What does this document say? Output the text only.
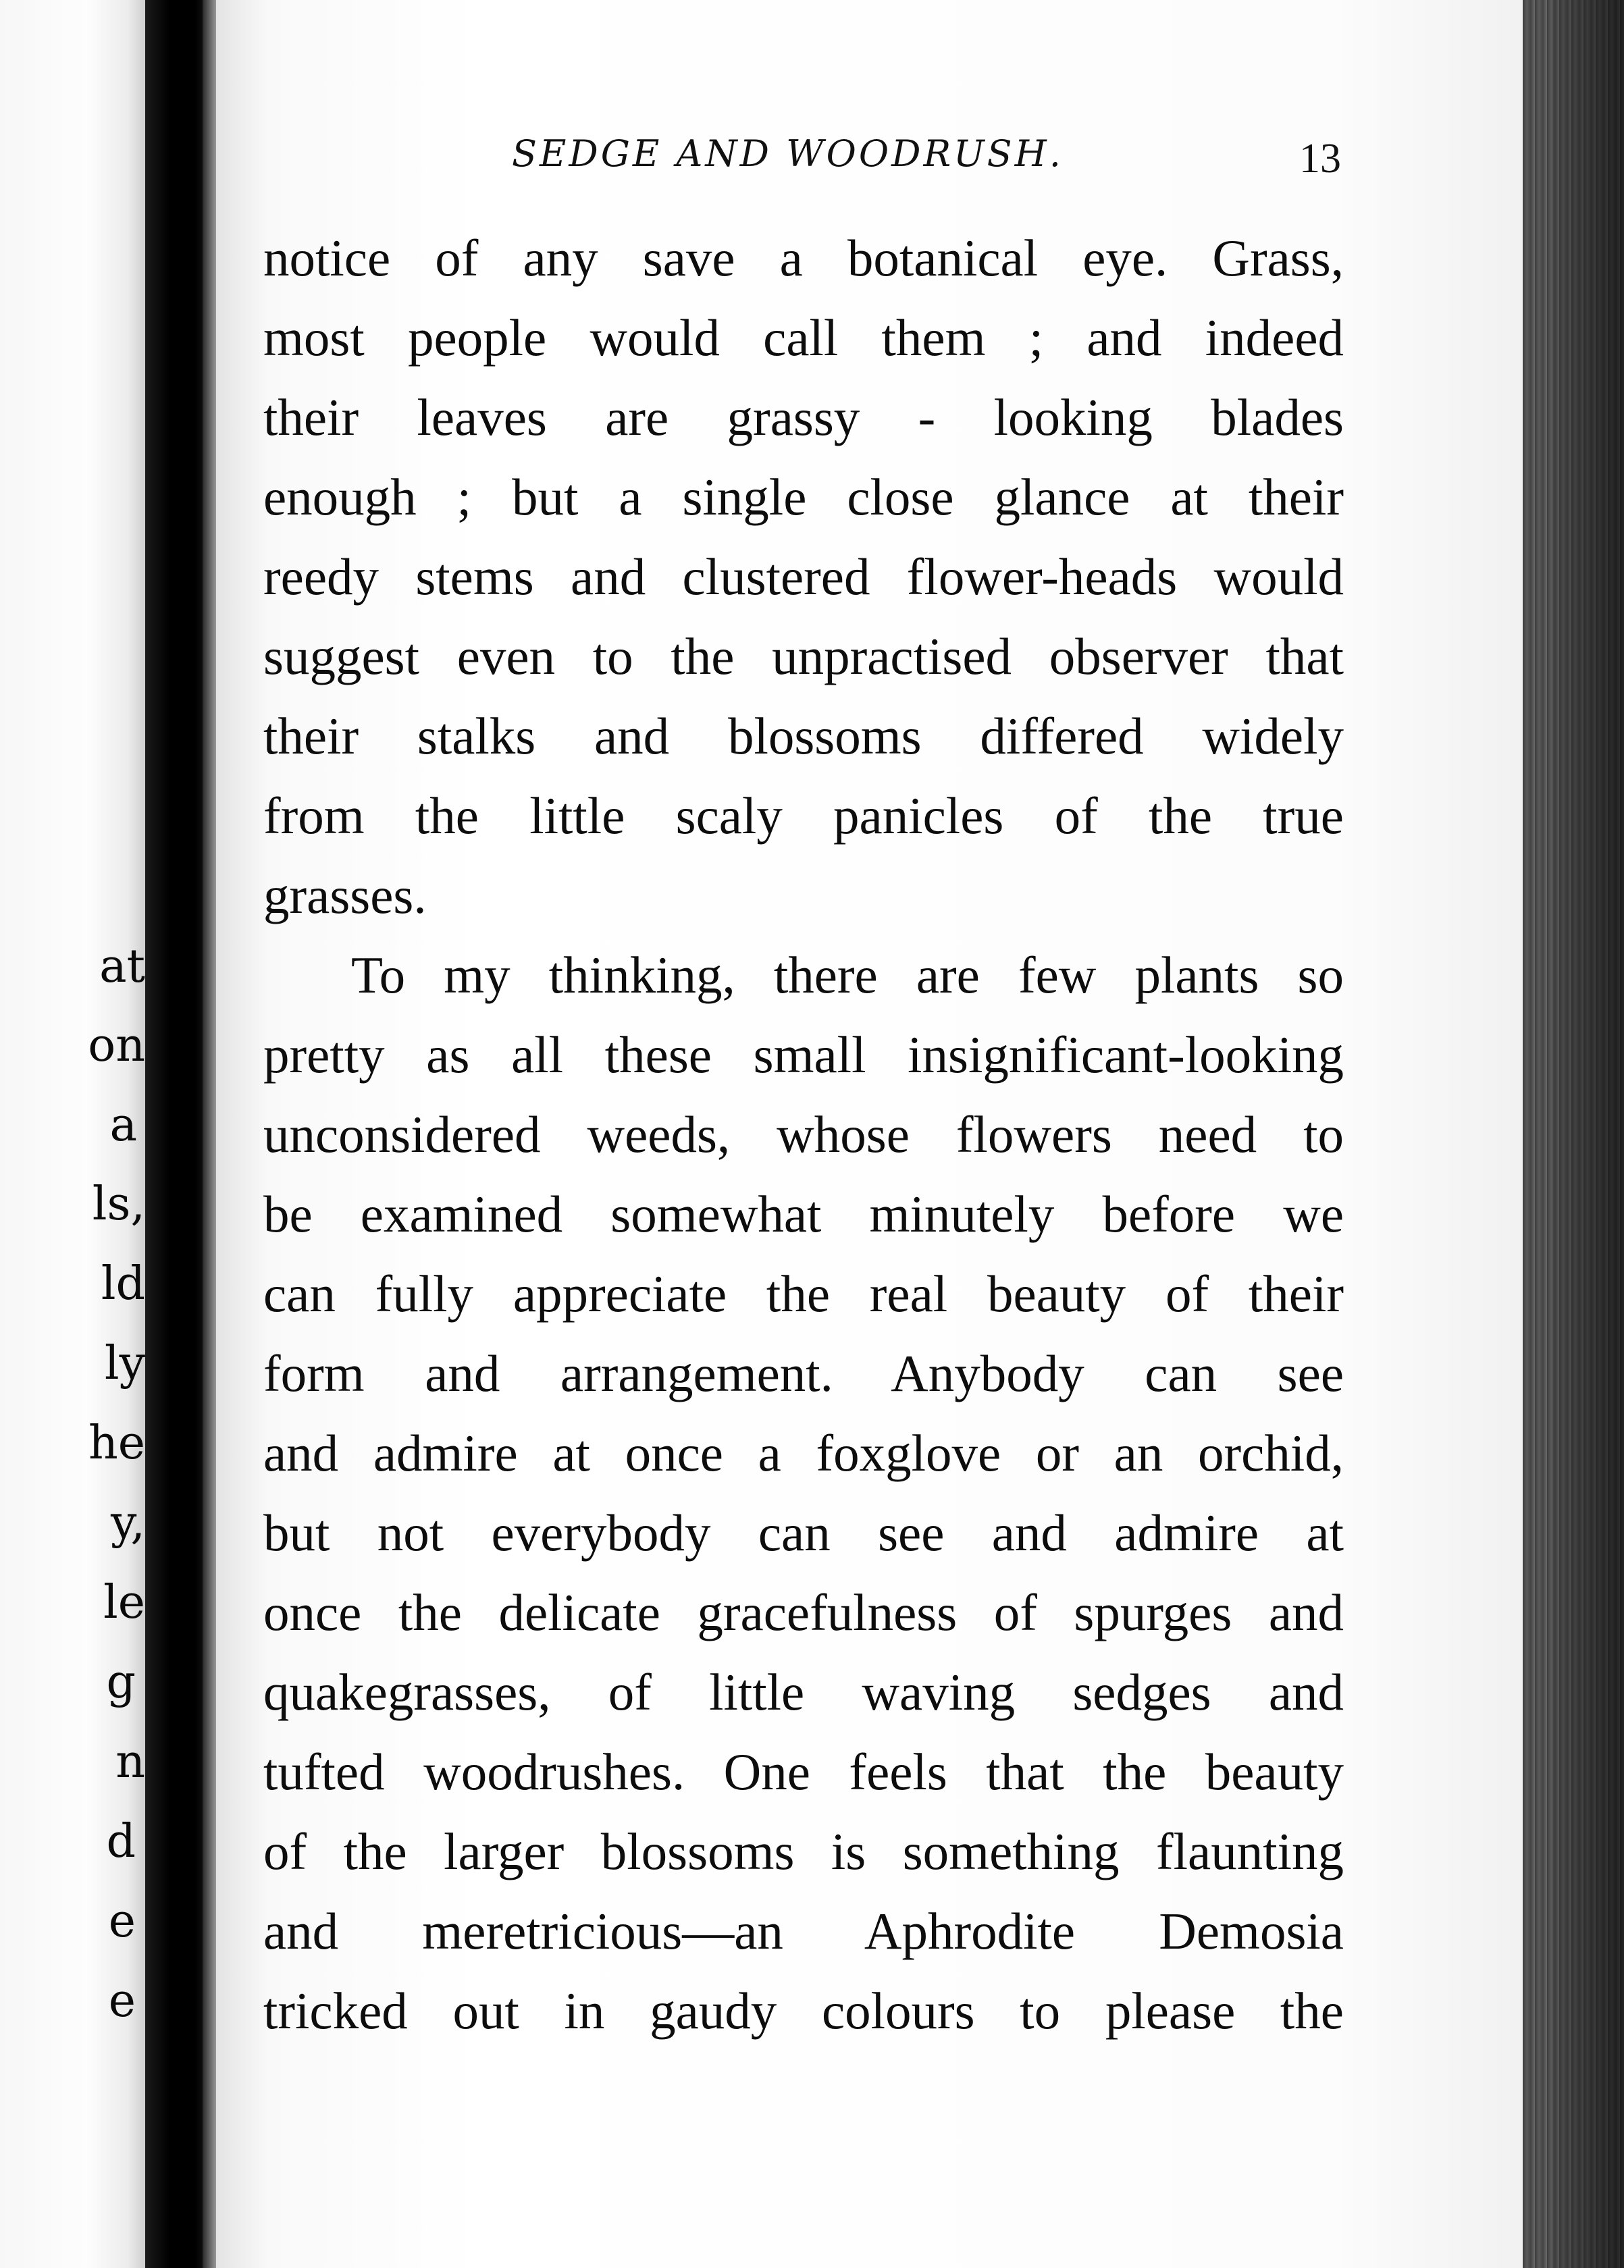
at
on
a
ls,
ld
ly
he
y,
le
g
n
d
e
e
SEDGE AND WOODRUSH.	13
notice of any save a botanical eye. Grass,
most people would call them ; and indeed
their leaves are grassy - looking blades
enough ; but a single close glance at their
reedy stems and clustered flower-heads would
suggest even to the unpractised observer that
their stalks and blossoms differed widely
from the little scaly panicles of the true
grasses.
To my thinking, there are few plants so
pretty as all these small insignificant-looking
unconsidered weeds, whose flowers need to
be examined somewhat minutely before we
can fully appreciate the real beauty of their
form and arrangement. Anybody can see
and admire at once a foxglove or an orchid,
but not everybody can see and admire at
once the delicate gracefulness of spurges and
quakegrasses, of little waving sedges and
tufted woodrushes. One feels that the beauty
of the larger blossoms is something flaunting
and meretricious—an Aphrodite Demosia
tricked out in gaudy colours to please the
